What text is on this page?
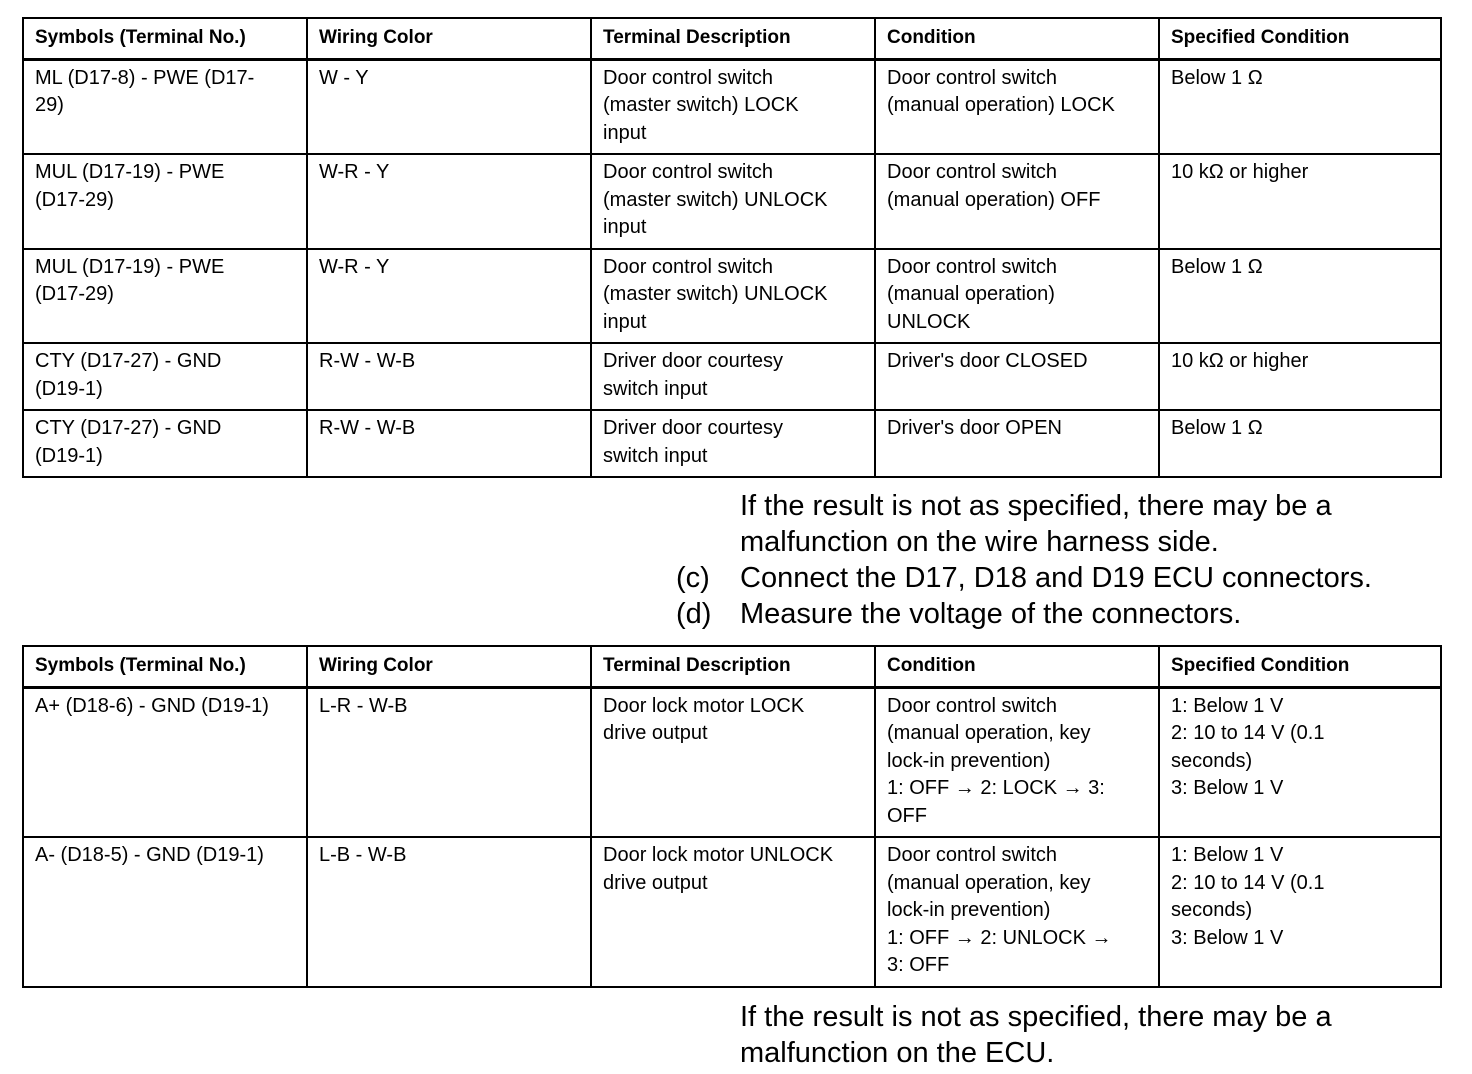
Symbols (Terminal No.)	Wiring Color	Terminal Description	Condition	Specified Condition

ML (D17-8) - PWE (D17-
29)	W - Y	Door control switch
(master switch) LOCK
input	Door control switch
(manual operation) LOCK	Below 1 Ω

MUL (D17-19) - PWE
(D17-29)	W-R - Y	Door control switch
(master switch) UNLOCK
input	Door control switch
(manual operation) OFF	10 kΩ or higher

MUL (D17-19) - PWE
(D17-29)	W-R - Y	Door control switch
(master switch) UNLOCK
input	Door control switch
(manual operation)
UNLOCK	Below 1 Ω

CTY (D17-27) - GND
(D19-1)	R-W - W-B	Driver door courtesy
switch input	Driver's door CLOSED	10 kΩ or higher

CTY (D17-27) - GND
(D19-1)	R-W - W-B	Driver door courtesy
switch input	Driver's door OPEN	Below 1 Ω
If the result is not as specified, there may be a
malfunction on the wire harness side.
(c) Connect the D17, D18 and D19 ECU connectors.
(d) Measure the voltage of the connectors.
Symbols (Terminal No.)	Wiring Color	Terminal Description	Condition	Specified Condition

A+ (D18-6) - GND (D19-1)	L-R - W-B	Door lock motor LOCK
drive output	Door control switch
(manual operation, key
lock-in prevention)
1: OFF → 2: LOCK → 3:
OFF	1: Below 1 V
2: 10 to 14 V (0.1
seconds)
3: Below 1 V

A- (D18-5) - GND (D19-1)	L-B - W-B	Door lock motor UNLOCK
drive output	Door control switch
(manual operation, key
lock-in prevention)
1: OFF → 2: UNLOCK →
3: OFF	1: Below 1 V
2: 10 to 14 V (0.1
seconds)
3: Below 1 V
If the result is not as specified, there may be a
malfunction on the ECU.
